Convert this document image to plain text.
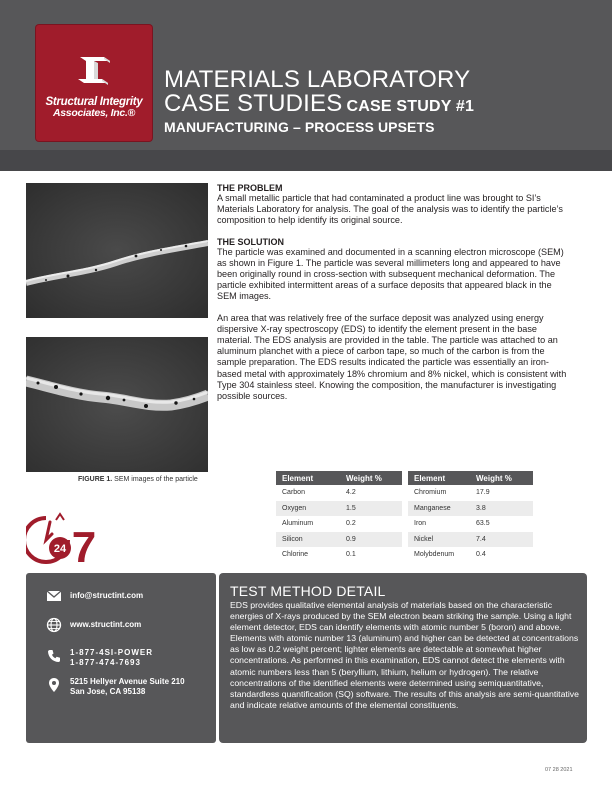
Structural Integrity
Associates, Inc.®
MATERIALS LABORATORY
CASE STUDIES CASE STUDY #1
MANUFACTURING – PROCESS UPSETS
FIGURE 1. SEM images of the particle
THE PROBLEM

A small metallic particle that had contaminated a product line was brought to SI’s Materials Laboratory for analysis. The goal of the analysis was to identify the particle’s composition to help identify its original source.

THE SOLUTION

The particle was examined and documented in a scanning electron microscope (SEM) as shown in Figure 1. The particle was several millimeters long and appeared to have been originally round in cross-section with subsequent mechanical deformation. The particle exhibited intermittent areas of a surface deposits that appeared black in the SEM images.

An area that was relatively free of the surface deposit was analyzed using energy dispersive X-ray spectroscopy (EDS) to identify the element present in the base material. The EDS analysis are provided in the table. The particle was attached to an aluminum planchet with a piece of carbon tape, so much of the carbon is from the sample preparation. The EDS results indicated the particle was essentially an iron-based metal with approximately 18% chromium and 8% nickel, which is consistent with Type 304 stainless steel. Knowing the composition, the manufacturer is investigating possible sources.

Element	Weight %
Carbon	4.2
Oxygen	1.5
Aluminum	0.2
Silicon	0.9
Chlorine	0.1
Element	Weight %
Chromium	17.9
Manganese	3.8
Iron	63.5
Nickel	7.4
Molybdenum	0.4
24 7
info@structint.com
www.structint.com
1-877-4SI-POWER
1-877-474-7693
5215 Hellyer Avenue Suite 210
San Jose, CA 95138
TEST METHOD DETAIL

EDS provides qualitative elemental analysis of materials based on the characteristic energies of X-rays produced by the SEM electron beam striking the sample. Using a light element detector, EDS can identify elements with atomic number 5 (boron) and above. Elements with atomic number 13 (aluminum) and higher can be detected at concentrations as low as 0.2 weight percent; lighter elements are detectable at somewhat higher concentrations. As performed in this examination, EDS cannot detect the elements with atomic numbers less than 5 (beryllium, lithium, helium or hydrogen). The relative concentrations of the identified elements were determined using semiquantitative, standardless quantification (SQ) software. The results of this analysis are semi-quantitative and indicate relative amounts of the elemental constituents.

07 28 2021
